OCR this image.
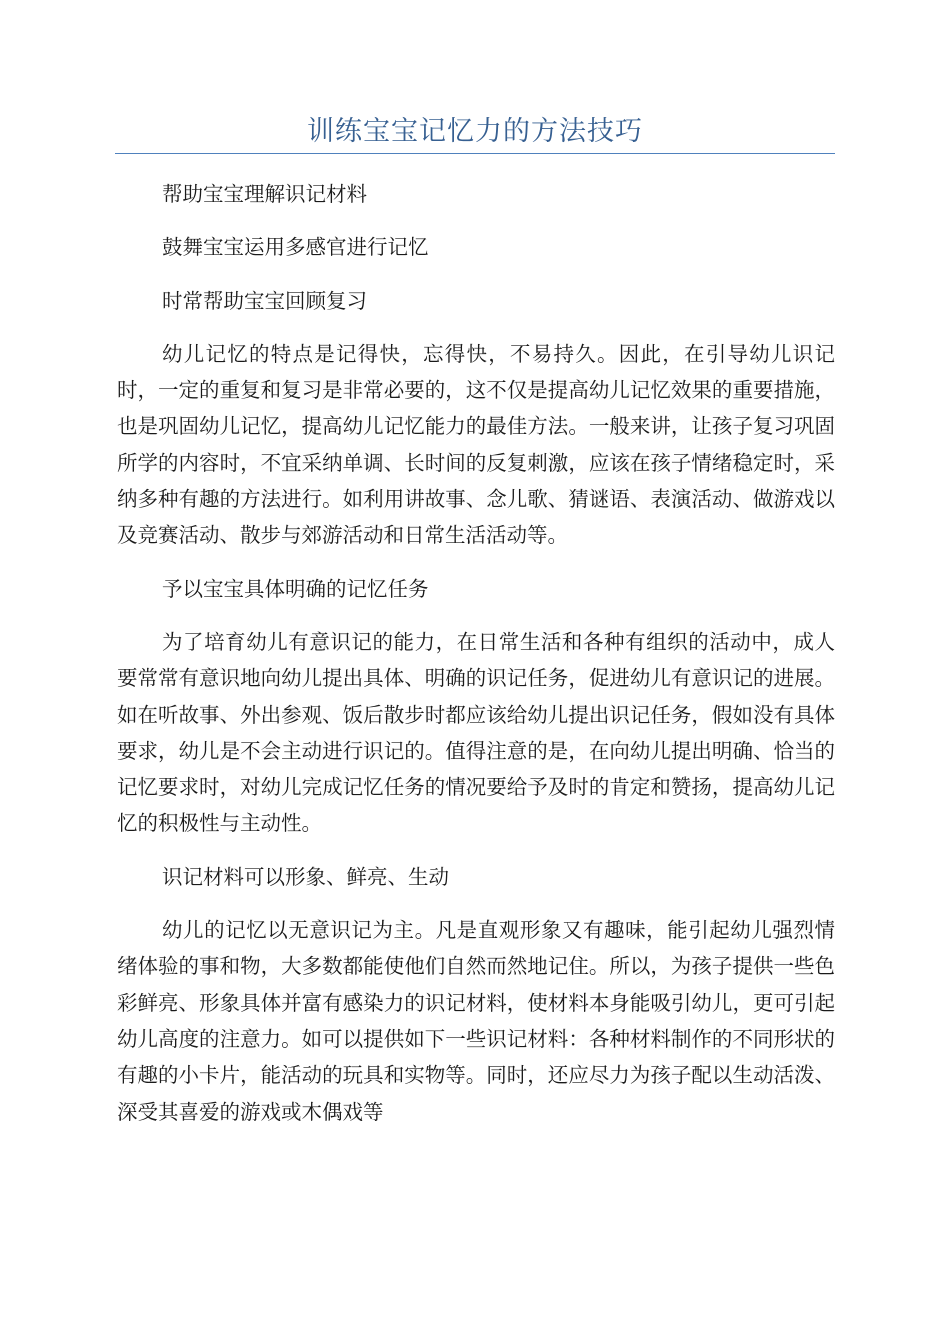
训练宝宝记忆力的方法技巧

帮助宝宝理解识记材料

鼓舞宝宝运用多感官进行记忆

时常帮助宝宝回顾复习

幼儿记忆的特点是记得快，忘得快，不易持久。因此，在引导幼儿识记时，一定的重复和复习是非常必要的，这不仅是提高幼儿记忆效果的重要措施，也是巩固幼儿记忆，提高幼儿记忆能力的最佳方法。一般来讲，让孩子复习巩固所学的内容时，不宜采纳单调、长时间的反复刺激，应该在孩子情绪稳定时，采纳多种有趣的方法进行。如利用讲故事、念儿歌、猜谜语、表演活动、做游戏以及竞赛活动、散步与郊游活动和日常生活活动等。

予以宝宝具体明确的记忆任务

为了培育幼儿有意识记的能力，在日常生活和各种有组织的活动中，成人要常常有意识地向幼儿提出具体、明确的识记任务，促进幼儿有意识记的进展。如在听故事、外出参观、饭后散步时都应该给幼儿提出识记任务，假如没有具体要求，幼儿是不会主动进行识记的。值得注意的是，在向幼儿提出明确、恰当的记忆要求时，对幼儿完成记忆任务的情况要给予及时的肯定和赞扬，提高幼儿记忆的积极性与主动性。

识记材料可以形象、鲜亮、生动

幼儿的记忆以无意识记为主。凡是直观形象又有趣味，能引起幼儿强烈情绪体验的事和物，大多数都能使他们自然而然地记住。所以，为孩子提供一些色彩鲜亮、形象具体并富有感染力的识记材料，使材料本身能吸引幼儿，更可引起幼儿高度的注意力。如可以提供如下一些识记材料：各种材料制作的不同形状的有趣的小卡片，能活动的玩具和实物等。同时，还应尽力为孩子配以生动活泼、深受其喜爱的游戏或木偶戏等
